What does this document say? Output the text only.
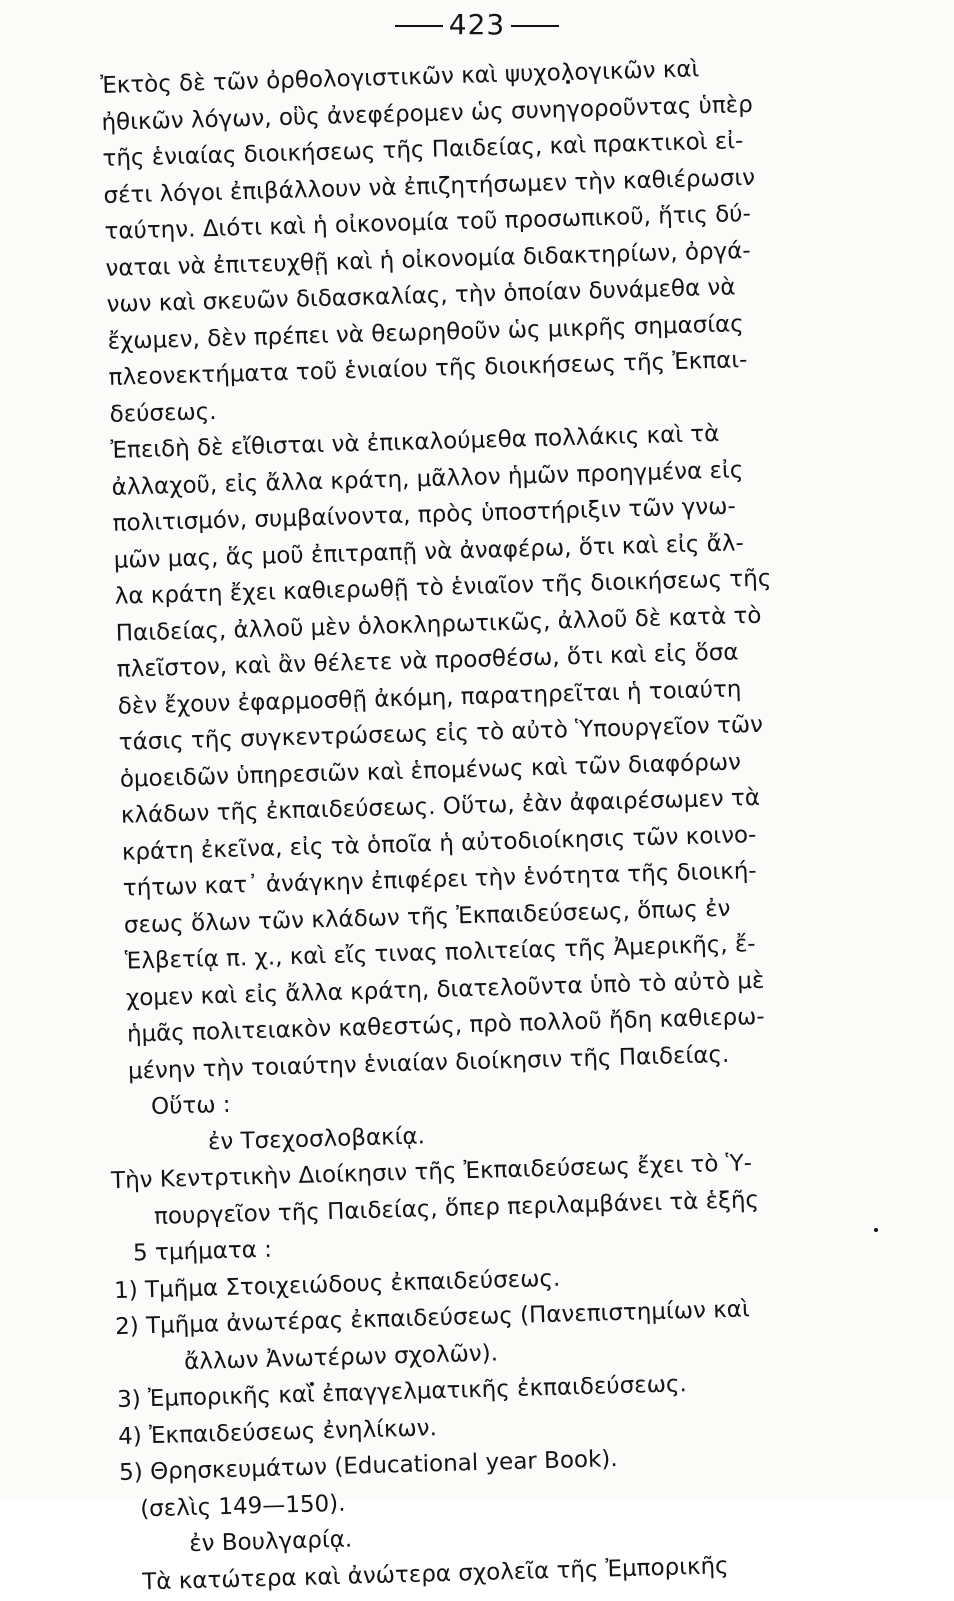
423
Ἐκτὸς δὲ τῶν ὀρθολογιστικῶν καὶ ψυχολογικῶν καὶ
ἠθικῶν λόγων, οὓς ἀνεφέρομεν ὡς συνηγοροῦντας ὑπὲρ
τῆς ἑνιαίας διοικήσεως τῆς Παιδείας, καὶ πρακτικοὶ εἰ-
σέτι λόγοι ἐπιβάλλουν νὰ ἐπιζητήσωμεν τὴν καθιέρωσιν
ταύτην. Διότι καὶ ἡ οἰκονομία τοῦ προσωπικοῦ, ἥτις δύ-
ναται νὰ ἐπιτευχθῇ καὶ ἡ οἰκονομία διδακτηρίων, ὀργά-
νων καὶ σκευῶν διδασκαλίας, τὴν ὁποίαν δυνάμεθα νὰ
ἔχωμεν, δὲν πρέπει νὰ θεωρηθοῦν ὡς μικρῆς σημασίας
πλεονεκτήματα τοῦ ἑνιαίου τῆς διοικήσεως τῆς Ἐκπαι-
δεύσεως.
Ἐπειδὴ δὲ εἴθισται νὰ ἐπικαλούμεθα πολλάκις καὶ τὰ
ἀλλαχοῦ, εἰς ἄλλα κράτη, μᾶλλον ἡμῶν προηγμένα εἰς
πολιτισμόν, συμβαίνοντα, πρὸς ὑποστήριξιν τῶν γνω-
μῶν μας, ἅς μοῦ ἐπιτραπῇ νὰ ἀναφέρω, ὅτι καὶ εἰς ἄλ-
λα κράτη ἔχει καθιερωθῇ τὸ ἑνιαῖον τῆς διοικήσεως τῆς
Παιδείας, ἀλλοῦ μὲν ὁλοκληρωτικῶς, ἀλλοῦ δὲ κατὰ τὸ
πλεῖστον, καὶ ἂν θέλετε νὰ προσθέσω, ὅτι καὶ εἰς ὅσα
δὲν ἔχουν ἐφαρμοσθῇ ἀκόμη, παρατηρεῖται ἡ τοιαύτη
τάσις τῆς συγκεντρώσεως εἰς τὸ αὐτὸ Ὑπουργεῖον τῶν
ὁμοειδῶν ὑπηρεσιῶν καὶ ἑπομένως καὶ τῶν διαφόρων
κλάδων τῆς ἐκπαιδεύσεως. Οὕτω, ἐὰν ἀφαιρέσωμεν τὰ
κράτη ἐκεῖνα, εἰς τὰ ὁποῖα ἡ αὐτοδιοίκησις τῶν κοινο-
τήτων κατ᾽ ἀνάγκην ἐπιφέρει τὴν ἑνότητα τῆς διοική-
σεως ὅλων τῶν κλάδων τῆς Ἐκπαιδεύσεως, ὅπως ἐν
Ἑλβετίᾳ π. χ., καὶ εἴς τινας πολιτείας τῆς Ἀμερικῆς, ἔ-
χομεν καὶ εἰς ἄλλα κράτη, διατελοῦντα ὑπὸ τὸ αὐτὸ μὲ
ἡμᾶς πολιτειακὸν καθεστώς, πρὸ πολλοῦ ἤδη καθιερω-
μένην τὴν τοιαύτην ἑνιαίαν διοίκησιν τῆς Παιδείας.
Οὕτω :
ἐν Τσεχοσλοβακίᾳ.
Τὴν Κεντρτικὴν Διοίκησιν τῆς Ἐκπαιδεύσεως ἔχει τὸ Ὑ-
πουργεῖον τῆς Παιδείας, ὅπερ περιλαμβάνει τὰ ἑξῆς
5 τμήματα :
1) Τμῆμα Στοιχειώδους ἐκπαιδεύσεως.
2) Τμῆμα ἀνωτέρας ἐκπαιδεύσεως (Πανεπιστημίων καὶ
ἄλλων Ἀνωτέρων σχολῶν).
3) Ἐμπορικῆς καὶ ἐπαγγελματικῆς ἐκπαιδεύσεως.
4) Ἐκπαιδεύσεως ἐνηλίκων.
5) Θρησκευμάτων (Educational year Book).
(σελὶς 149—150).
ἐν Βουλγαρίᾳ.
Τὰ κατώτερα καὶ ἀνώτερα σχολεῖα τῆς Ἐμπορικῆς
